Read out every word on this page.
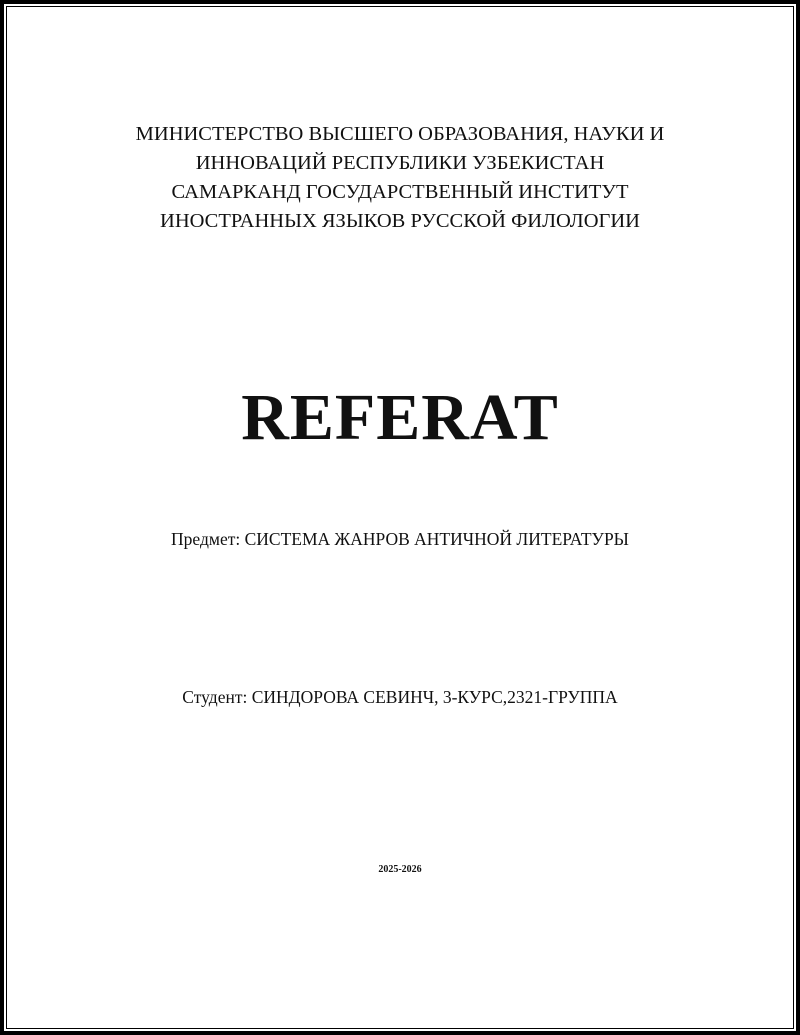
МИНИСТЕРСТВО ВЫСШЕГО ОБРАЗОВАНИЯ, НАУКИ И
ИННОВАЦИЙ РЕСПУБЛИКИ УЗБЕКИСТАН
САМАРКАНД ГОСУДАРСТВЕННЫЙ ИНСТИТУТ
ИНОСТРАННЫХ ЯЗЫКОВ РУССКОЙ ФИЛОЛОГИИ
REFERAT
Предмет: СИСТЕМА ЖАНРОВ АНТИЧНОЙ ЛИТЕРАТУРЫ
Студент: СИНДОРОВА СЕВИНЧ, 3-КУРС,2321-ГРУППА
2025-2026
